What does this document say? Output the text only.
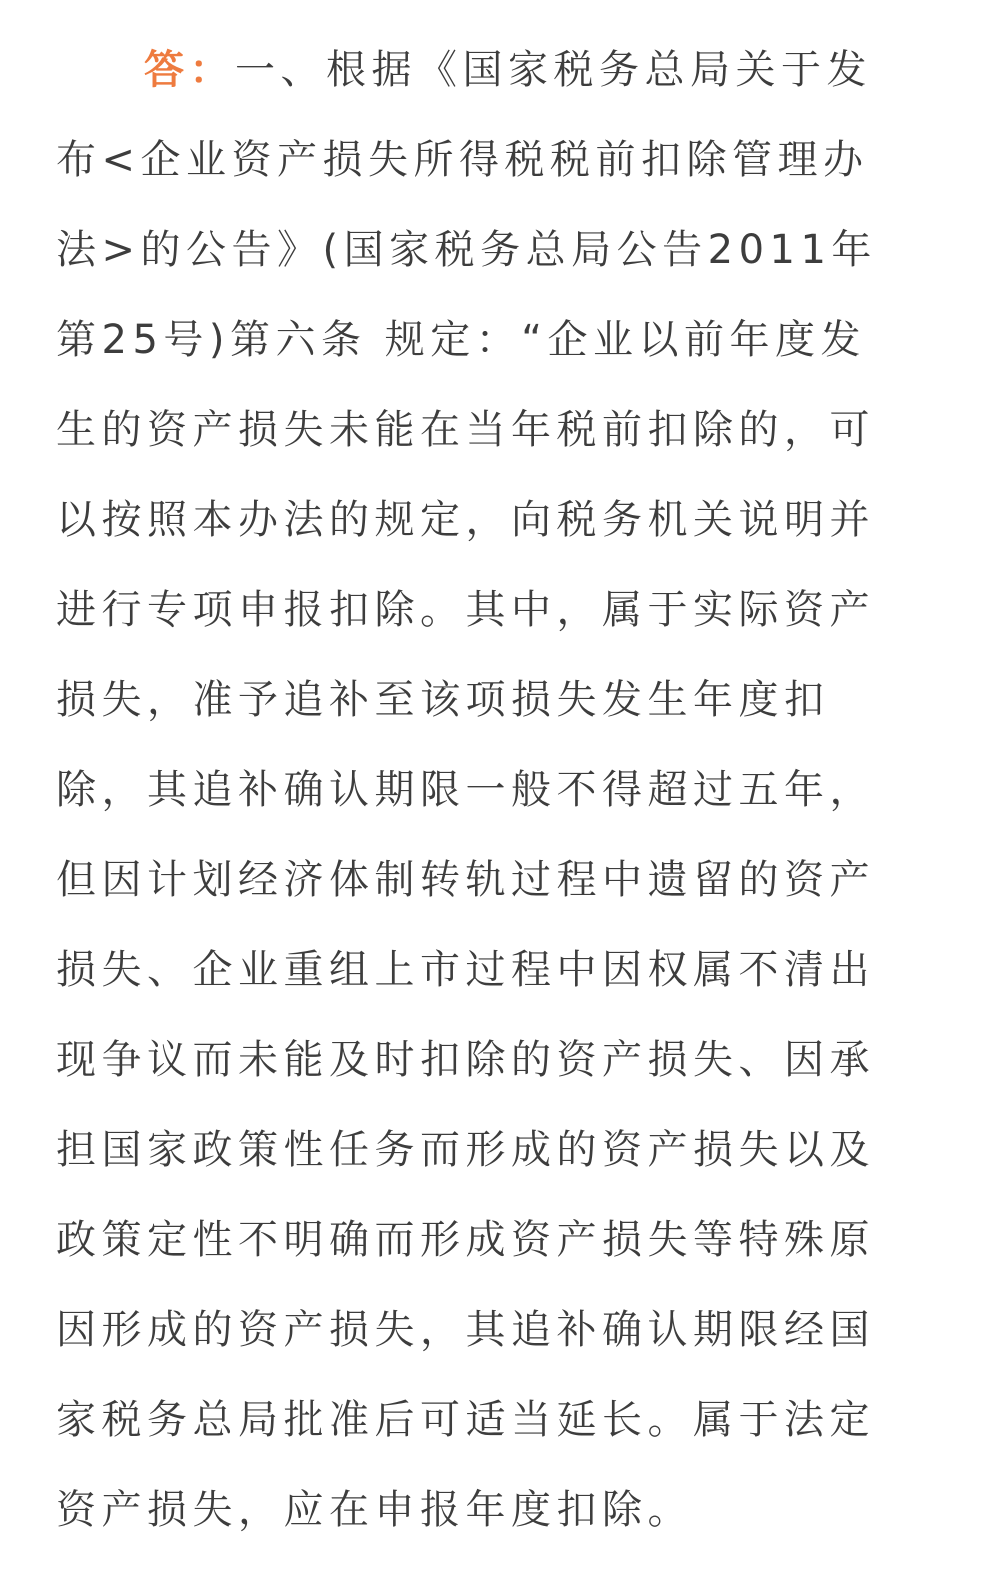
答：一、根据《国家税务总局关于发
布<企业资产损失所得税税前扣除管理办
法>的公告》(国家税务总局公告2011年
第25号)第六条 规定：“企业以前年度发
生的资产损失未能在当年税前扣除的，可
以按照本办法的规定，向税务机关说明并
进行专项申报扣除。其中，属于实际资产
损失，准予追补至该项损失发生年度扣
除，其追补确认期限一般不得超过五年，
但因计划经济体制转轨过程中遗留的资产
损失、企业重组上市过程中因权属不清出
现争议而未能及时扣除的资产损失、因承
担国家政策性任务而形成的资产损失以及
政策定性不明确而形成资产损失等特殊原
因形成的资产损失，其追补确认期限经国
家税务总局批准后可适当延长。属于法定
资产损失，应在申报年度扣除。
